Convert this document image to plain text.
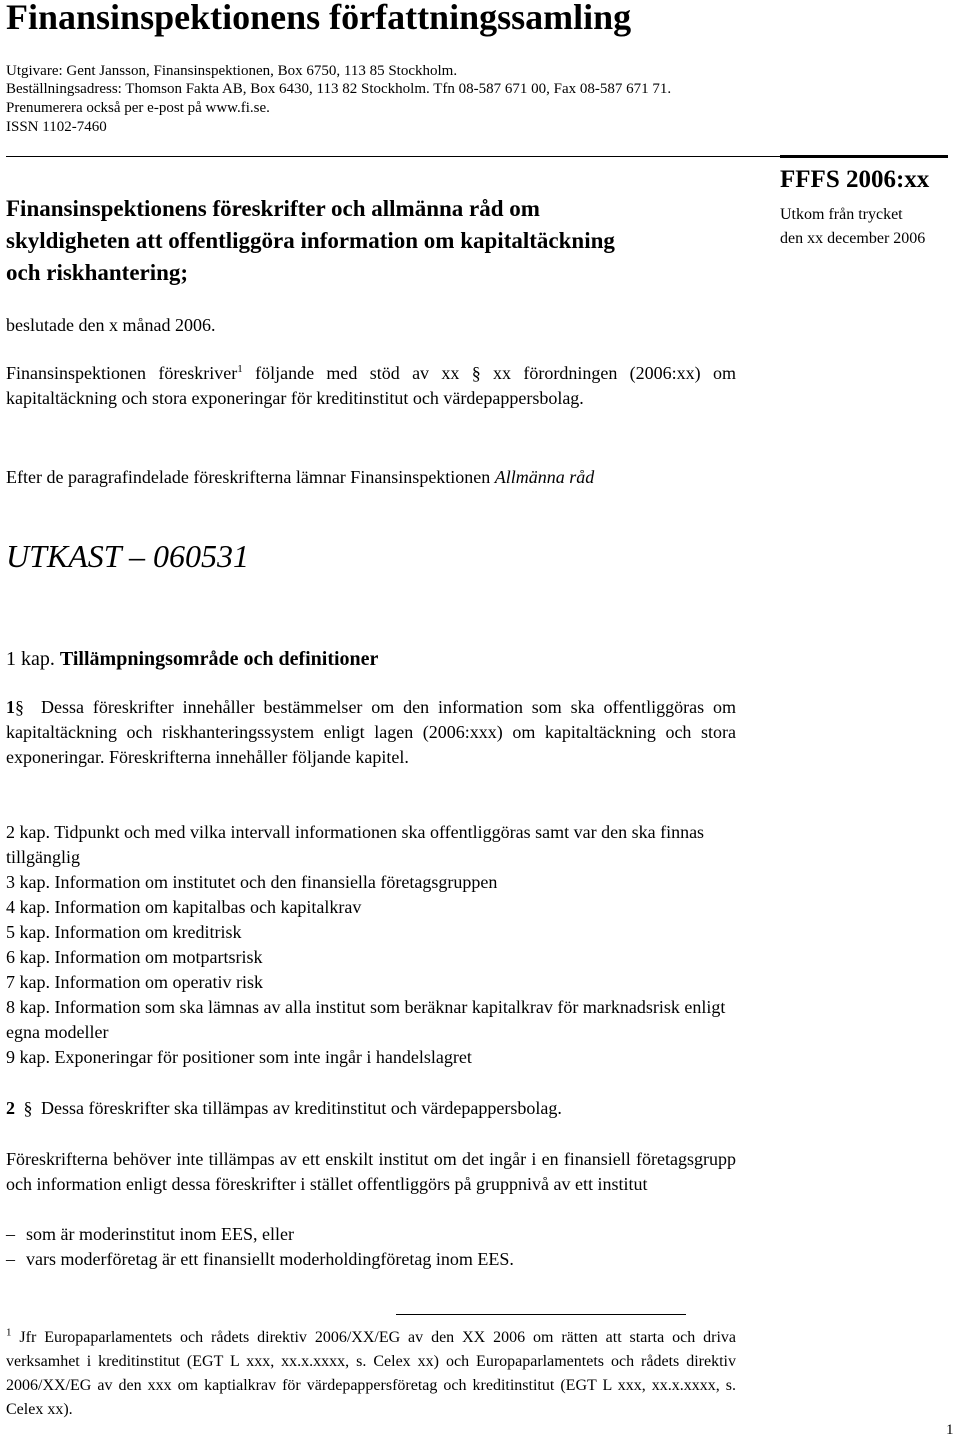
Finansinspektionens författningssamling
Utgivare: Gent Jansson, Finansinspektionen, Box 6750, 113 85 Stockholm.
Beställningsadress: Thomson Fakta AB, Box 6430, 113 82 Stockholm. Tfn 08-587 671 00, Fax 08-587 671 71.
Prenumerera också per e-post på www.fi.se.
ISSN 1102-7460
Finansinspektionens föreskrifter och allmänna råd om skyldigheten att offentliggöra information om kapitaltäckning och riskhantering;
FFFS 2006:xx
Utkom från trycket
den xx december 2006
beslutade den x månad 2006.
Finansinspektionen föreskriver$^1$ följande med stöd av xx § xx förordningen (2006:xx) om kapitaltäckning och stora exponeringar för kreditinstitut och värdepappersbolag.
Efter de paragrafindelade föreskrifterna lämnar Finansinspektionen Allmänna råd
UTKAST – 060531
1 kap. Tillämpningsområde och definitioner
1§ Dessa föreskrifter innehåller bestämmelser om den information som ska offentliggöras om kapitaltäckning och riskhanteringssystem enligt lagen (2006:xxx) om kapitaltäckning och stora exponeringar. Föreskrifterna innehåller följande kapitel.
2 kap. Tidpunkt och med vilka intervall informationen ska offentliggöras samt var den ska finnas tillgänglig
3 kap. Information om institutet och den finansiella företagsgruppen
4 kap. Information om kapitalbas och kapitalkrav
5 kap. Information om kreditrisk
6 kap. Information om motpartsrisk
7 kap. Information om operativ risk
8 kap. Information som ska lämnas av alla institut som beräknar kapitalkrav för marknadsrisk enligt egna modeller
9 kap. Exponeringar för positioner som inte ingår i handelslagret
2 § Dessa föreskrifter ska tillämpas av kreditinstitut och värdepappersbolag.
Föreskrifterna behöver inte tillämpas av ett enskilt institut om det ingår i en finansiell företagsgrupp och information enligt dessa föreskrifter i stället offentliggörs på gruppnivå av ett institut
– som är moderinstitut inom EES, eller
– vars moderföretag är ett finansiellt moderholdingföretag inom EES.
$^1$ Jfr Europaparlamentets och rådets direktiv 2006/XX/EG av den XX 2006 om rätten att starta och driva verksamhet i kreditinstitut (EGT L xxx, xx.x.xxxx, s. Celex xx) och Europaparlamentets och rådets direktiv 2006/XX/EG av den xxx om kaptialkrav för värdepappersföretag och kreditinstitut (EGT L xxx, xx.x.xxxx, s. Celex xx).
1
